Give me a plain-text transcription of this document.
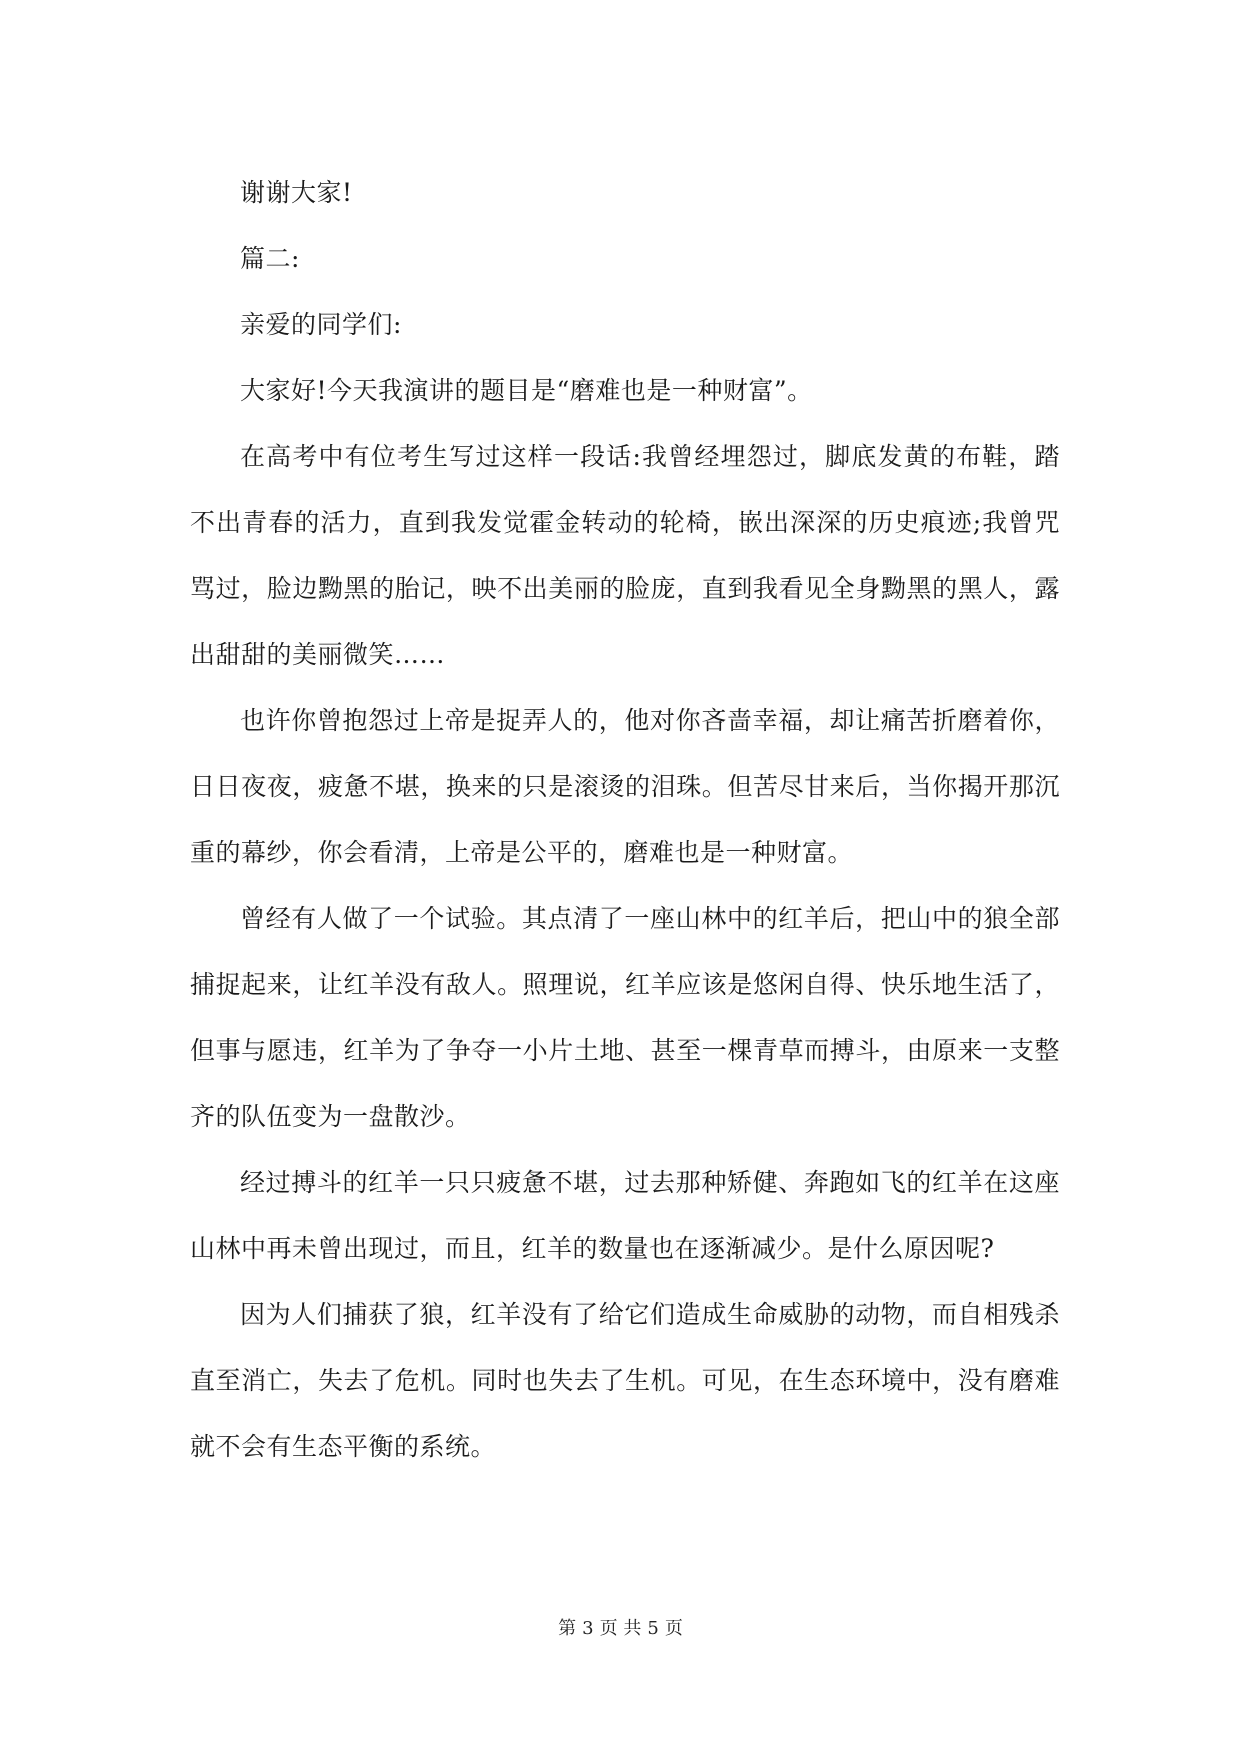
谢谢大家!

篇二:

亲爱的同学们:

大家好!今天我演讲的题目是“磨难也是一种财富”。

在高考中有位考生写过这样一段话:我曾经埋怨过，脚底发黄的布鞋，踏不出青春的活力，直到我发觉霍金转动的轮椅，嵌出深深的历史痕迹;我曾咒骂过，脸边黝黑的胎记，映不出美丽的脸庞，直到我看见全身黝黑的黑人，露出甜甜的美丽微笑……

也许你曾抱怨过上帝是捉弄人的，他对你吝啬幸福，却让痛苦折磨着你，日日夜夜，疲惫不堪，换来的只是滚烫的泪珠。但苦尽甘来后，当你揭开那沉重的幕纱，你会看清，上帝是公平的，磨难也是一种财富。

曾经有人做了一个试验。其点清了一座山林中的红羊后，把山中的狼全部捕捉起来，让红羊没有敌人。照理说，红羊应该是悠闲自得、快乐地生活了，但事与愿违，红羊为了争夺一小片土地、甚至一棵青草而搏斗，由原来一支整齐的队伍变为一盘散沙。

经过搏斗的红羊一只只疲惫不堪，过去那种矫健、奔跑如飞的红羊在这座山林中再未曾出现过，而且，红羊的数量也在逐渐减少。是什么原因呢?

因为人们捕获了狼，红羊没有了给它们造成生命威胁的动物，而自相残杀直至消亡，失去了危机。同时也失去了生机。可见，在生态环境中，没有磨难就不会有生态平衡的系统。

第 3 页 共 5 页
